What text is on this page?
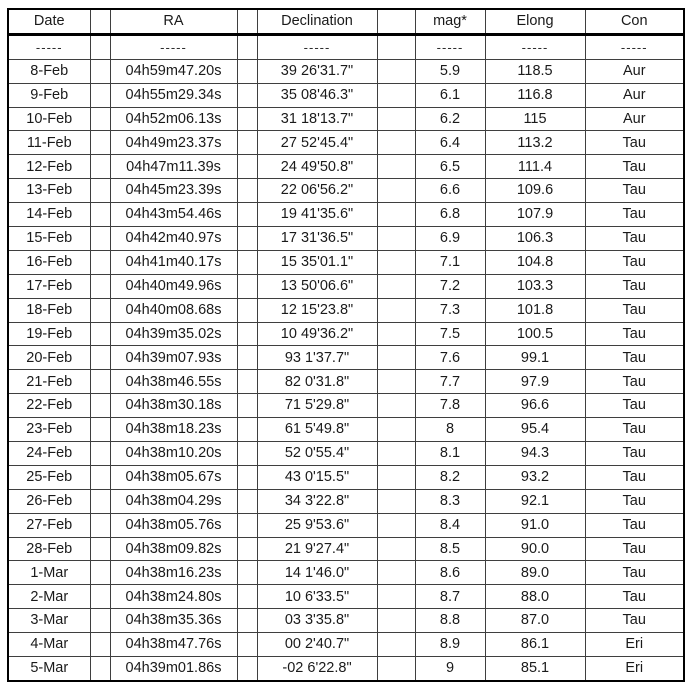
Date		RA		Declination		mag*	Elong	Con
-----		-----		-----		-----	-----	-----
8-Feb		04h59m47.20s		39 26'31.7"		5.9	118.5	Aur
9-Feb		04h55m29.34s		35 08'46.3"		6.1	116.8	Aur
10-Feb		04h52m06.13s		31 18'13.7"		6.2	115	Aur
11-Feb		04h49m23.37s		27 52'45.4"		6.4	113.2	Tau
12-Feb		04h47m11.39s		24 49'50.8"		6.5	111.4	Tau
13-Feb		04h45m23.39s		22 06'56.2"		6.6	109.6	Tau
14-Feb		04h43m54.46s		19 41'35.6"		6.8	107.9	Tau
15-Feb		04h42m40.97s		17 31'36.5"		6.9	106.3	Tau
16-Feb		04h41m40.17s		15 35'01.1"		7.1	104.8	Tau
17-Feb		04h40m49.96s		13 50'06.6"		7.2	103.3	Tau
18-Feb		04h40m08.68s		12 15'23.8"		7.3	101.8	Tau
19-Feb		04h39m35.02s		10 49'36.2"		7.5	100.5	Tau
20-Feb		04h39m07.93s		93 1'37.7"		7.6	99.1	Tau
21-Feb		04h38m46.55s		82 0'31.8"		7.7	97.9	Tau
22-Feb		04h38m30.18s		71 5'29.8"		7.8	96.6	Tau
23-Feb		04h38m18.23s		61 5'49.8"		8	95.4	Tau
24-Feb		04h38m10.20s		52 0'55.4"		8.1	94.3	Tau
25-Feb		04h38m05.67s		43 0'15.5"		8.2	93.2	Tau
26-Feb		04h38m04.29s		34 3'22.8"		8.3	92.1	Tau
27-Feb		04h38m05.76s		25 9'53.6"		8.4	91.0	Tau
28-Feb		04h38m09.82s		21 9'27.4"		8.5	90.0	Tau
1-Mar		04h38m16.23s		14 1'46.0"		8.6	89.0	Tau
2-Mar		04h38m24.80s		10 6'33.5"		8.7	88.0	Tau
3-Mar		04h38m35.36s		03 3'35.8"		8.8	87.0	Tau
4-Mar		04h38m47.76s		00 2'40.7"		8.9	86.1	Eri
5-Mar		04h39m01.86s		-02 6'22.8"		9	85.1	Eri
